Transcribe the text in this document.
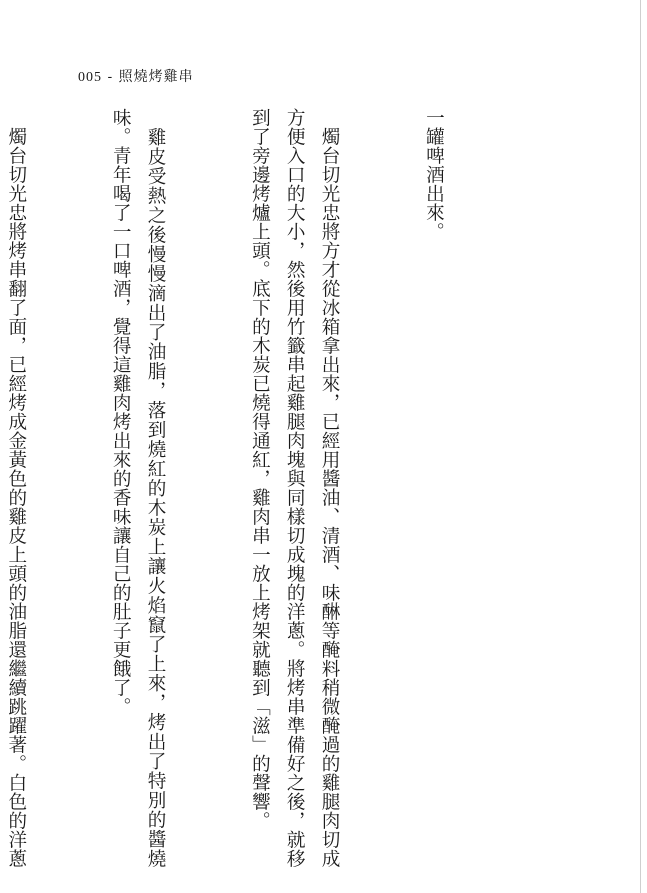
005 - 照燒烤雞串

一罐啤酒出來。

　燭台切光忠將方才從冰箱拿出來，已經用醬油、清酒、味醂等醃料稍微醃過的雞腿肉切成方便入口的大小，然後用竹籤串起雞腿肉塊與同樣切成塊的洋蔥。將烤串準備好之後，就移到了旁邊烤爐上頭。底下的木炭已燒得通紅，雞肉串一放上烤架就聽到「滋」的聲響。

　雞皮受熱之後慢慢滴出了油脂，落到燒紅的木炭上讓火焰竄了上來，烤出了特別的醬燒味。青年喝了一口啤酒，覺得這雞肉烤出來的香味讓自己的肚子更餓了。

　燭台切光忠將烤串翻了面，已經烤成金黃色的雞皮上頭的油脂還繼續跳躍著。白色的洋蔥
